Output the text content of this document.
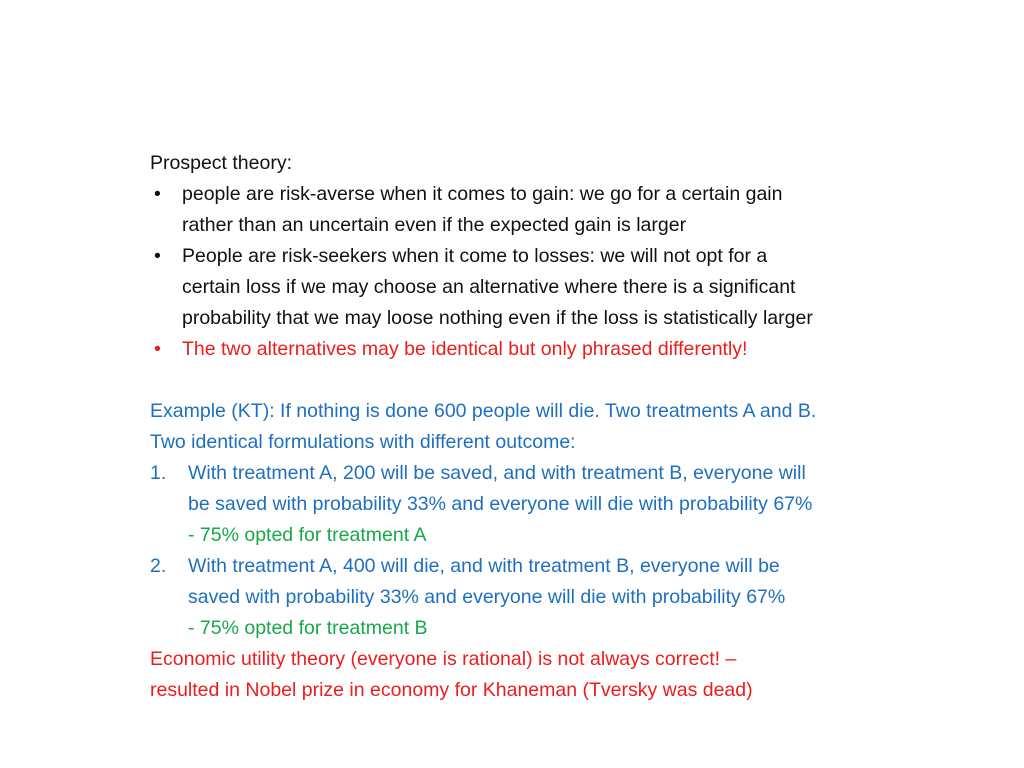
Prospect theory:
• people are risk-averse when it comes to gain: we go for a certain gain
rather than an uncertain even if the expected gain is larger
• People are risk-seekers when it come to losses: we will not opt for a
certain loss if we may choose an alternative where there is a significant
probability that we may loose nothing even if the loss is statistically larger
• The two alternatives may be identical but only phrased differently!
Example (KT): If nothing is done 600 people will die. Two treatments A and B.
Two identical formulations with different outcome:
1. With treatment A, 200 will be saved, and with treatment B, everyone will
be saved with probability 33% and everyone will die with probability 67%
- 75% opted for treatment A
2. With treatment A, 400 will die, and with treatment B, everyone will be
saved with probability 33% and everyone will die with probability 67%
- 75% opted for treatment B
Economic utility theory (everyone is rational) is not always correct! –
resulted in Nobel prize in economy for Khaneman (Tversky was dead)
